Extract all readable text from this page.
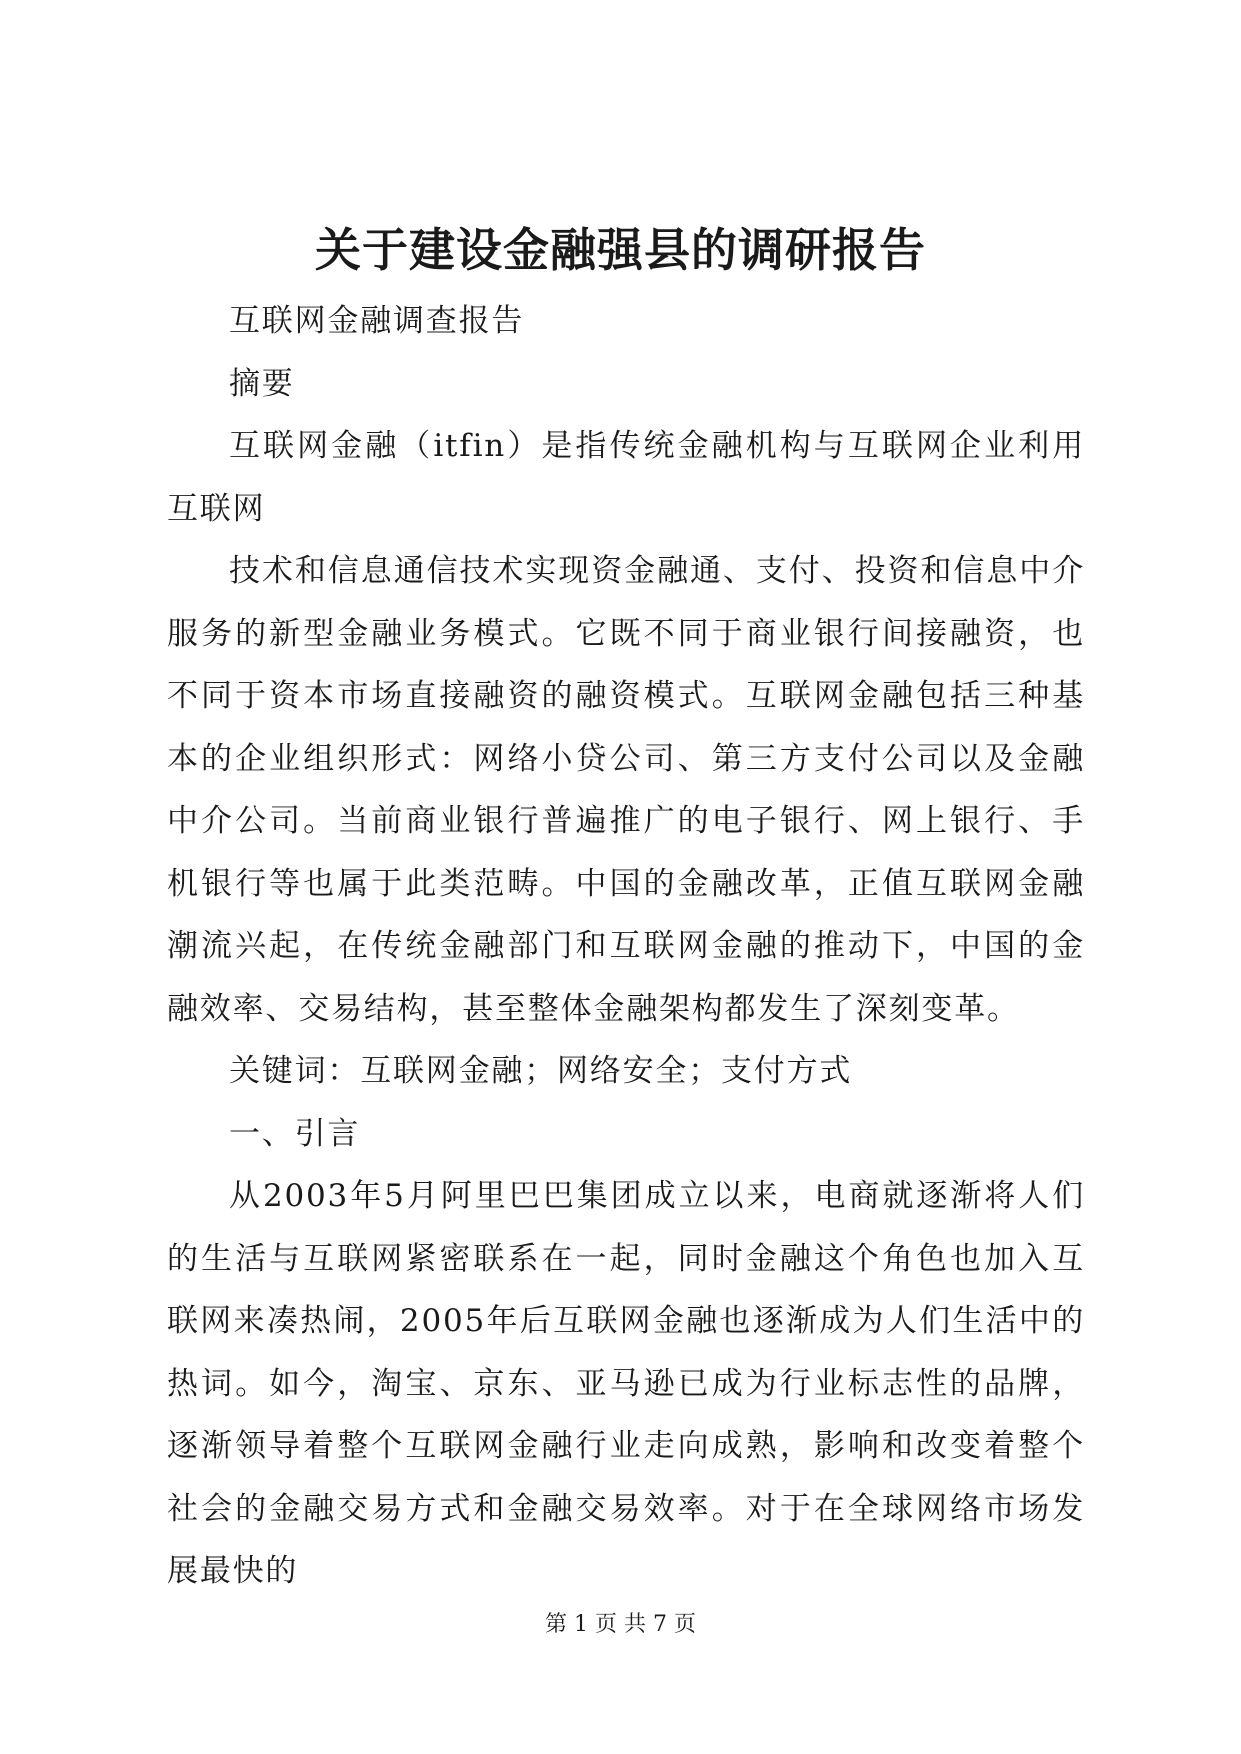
关于建设金融强县的调研报告

互联网金融调查报告

摘要

互联网金融（itfin）是指传统金融机构与互联网企业利用互联网

技术和信息通信技术实现资金融通、支付、投资和信息中介服务的新型金融业务模式。它既不同于商业银行间接融资，也不同于资本市场直接融资的融资模式。互联网金融包括三种基本的企业组织形式：网络小贷公司、第三方支付公司以及金融中介公司。当前商业银行普遍推广的电子银行、网上银行、手机银行等也属于此类范畴。中国的金融改革，正值互联网金融潮流兴起，在传统金融部门和互联网金融的推动下，中国的金融效率、交易结构，甚至整体金融架构都发生了深刻变革。

关键词：互联网金融；网络安全；支付方式

一、引言

从2003年5月阿里巴巴集团成立以来，电商就逐渐将人们的生活与互联网紧密联系在一起，同时金融这个角色也加入互联网来凑热闹，2005年后互联网金融也逐渐成为人们生活中的热词。如今，淘宝、京东、亚马逊已成为行业标志性的品牌，逐渐领导着整个互联网金融行业走向成熟，影响和改变着整个社会的金融交易方式和金融交易效率。对于在全球网络市场发展最快的

第 1 页 共 7 页
